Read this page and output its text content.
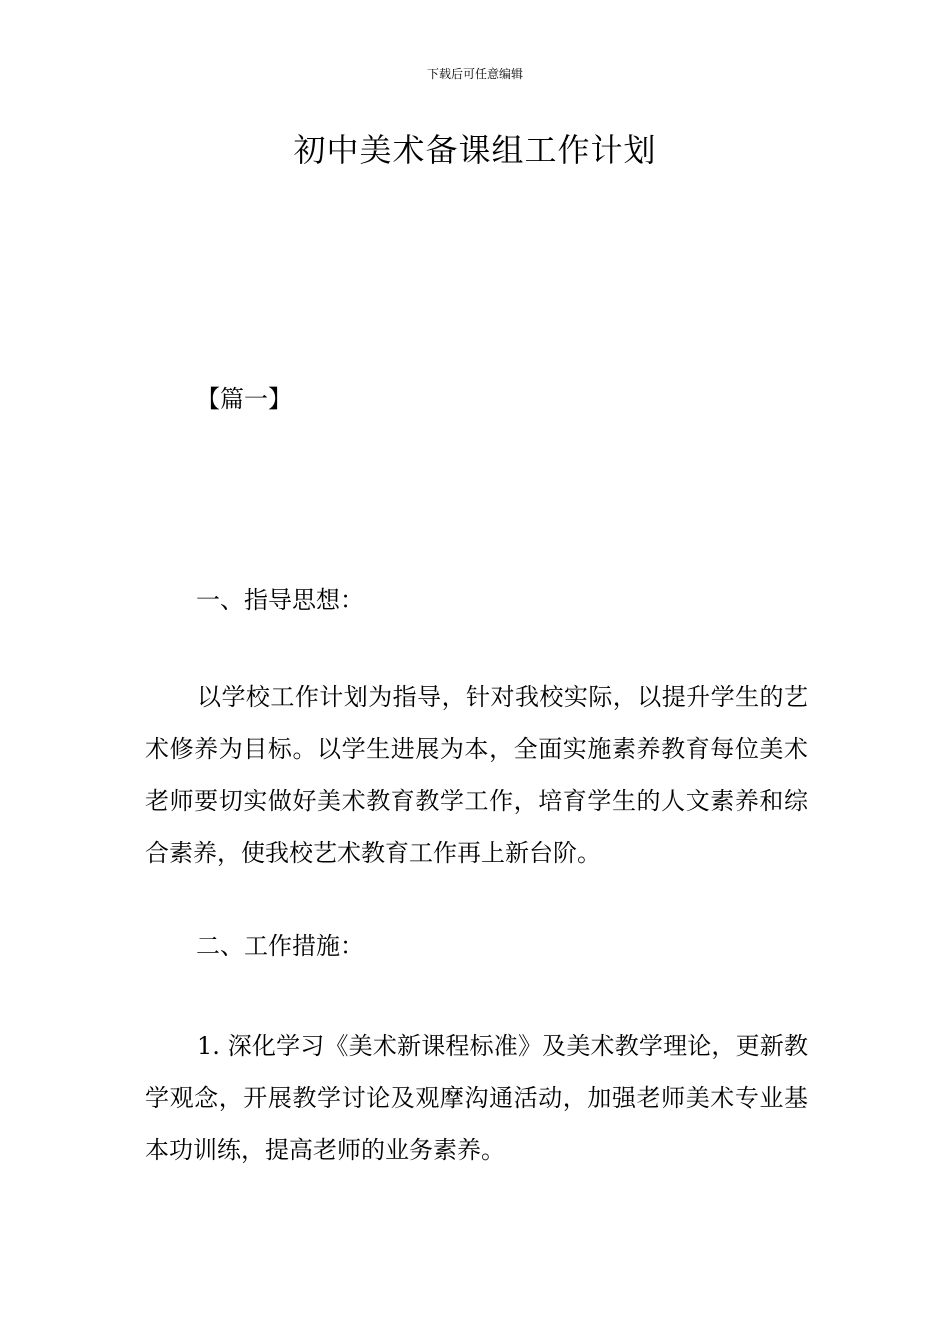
下载后可任意编辑
初中美术备课组工作计划
【篇一】
一、指导思想：

以学校工作计划为指导，针对我校实际，以提升学生的艺术修养为目标。以学生进展为本，全面实施素养教育每位美术老师要切实做好美术教育教学工作，培育学生的人文素养和综合素养，使我校艺术教育工作再上新台阶。

二、工作措施：

1. 深化学习《美术新课程标准》及美术教学理论，更新教学观念，开展教学讨论及观摩沟通活动，加强老师美术专业基本功训练，提高老师的业务素养。
